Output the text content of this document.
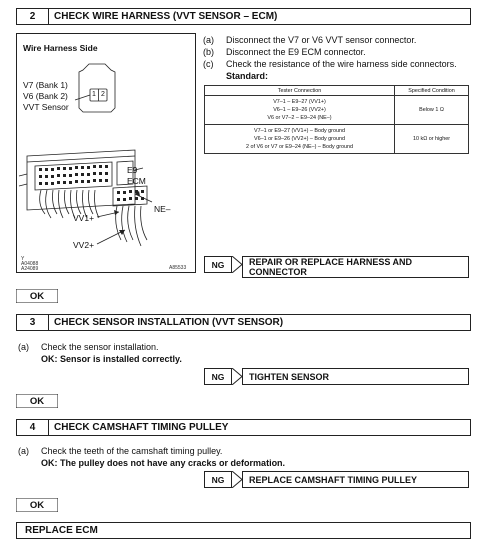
2	CHECK WIRE HARNESS (VVT SENSOR – ECM)
Wire Harness Side
V7 (Bank 1)
V6 (Bank 2)
VVT Sensor
1 2
E9
ECM
NE–
VV1+
VV2+
Y
A04088
A24089	A85533
(a) Disconnect the V7 or V6 VVT sensor connector.
(b) Disconnect the E9 ECM connector.
(c) Check the resistance of the wire harness side connectors.
Standard:
Tester Connection	Specified Condition

V7–1 – E9–27 (VV1+)
V6–1 – E9–26 (VV2+)
V6 or V7–2 – E9–24 (NE–)	Below 1 Ω

V7–1 or E9–27 (VV1+) – Body ground
V6–1 or E9–26 (VV2+) – Body ground
2 of V6 or V7 or E9–24 (NE–) – Body ground	10 kΩ or higher
NG	REPAIR OR REPLACE HARNESS AND
CONNECTOR
OK
3	CHECK SENSOR INSTALLATION (VVT SENSOR)
(a) Check the sensor installation.
OK: Sensor is installed correctly.
NG	TIGHTEN SENSOR
OK
4	CHECK CAMSHAFT TIMING PULLEY
(a) Check the teeth of the camshaft timing pulley.
OK: The pulley does not have any cracks or deformation.
NG	REPLACE CAMSHAFT TIMING PULLEY
OK
REPLACE ECM
